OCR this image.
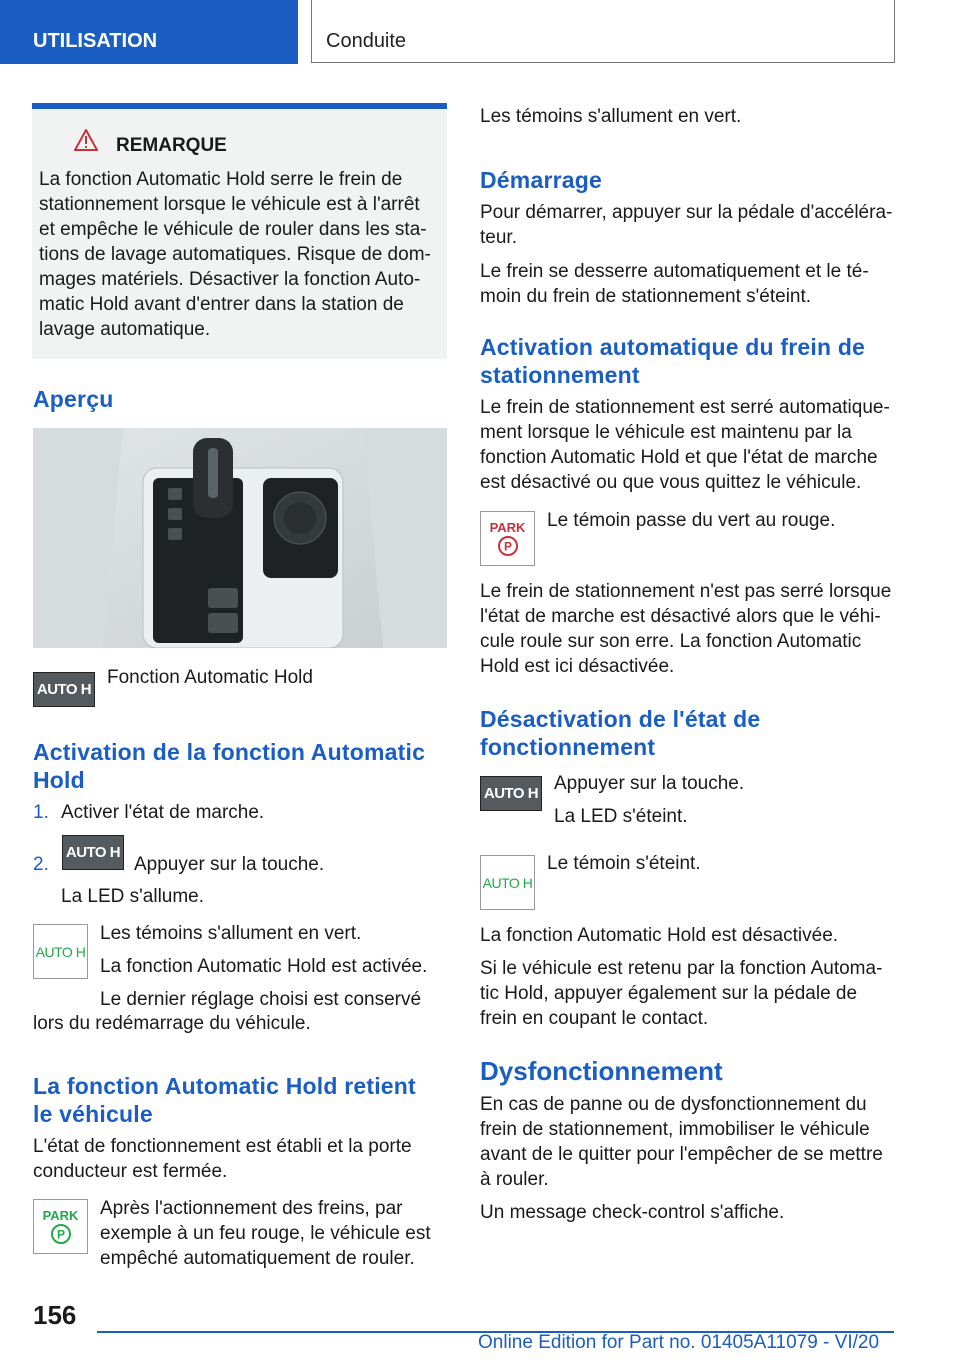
UTILISATION	Conduite
REMARQUE

La fonction Automatic Hold serre le frein de

stationnement lorsque le véhicule est à l'arrêt

et empêche le véhicule de rouler dans les sta-

tions de lavage automatiques. Risque de dom-

mages matériels. Désactiver la fonction Auto-

matic Hold avant d'entrer dans la station de

lavage automatique.

Aperçu
AUTO H
Fonction Automatic Hold

Activation de la fonction Automatic

Hold

1. Activer l'état de marche.
2.
AUTO H
Appuyer sur la touche.
La LED s'allume.
AUTO H
Les témoins s'allument en vert.
La fonction Automatic Hold est activée.
Le dernier réglage choisi est conservé
lors du redémarrage du véhicule.

La fonction Automatic Hold retient

le véhicule

L'état de fonctionnement est établi et la porte

conducteur est fermée.

PARK
P

Après l'actionnement des freins, par

exemple à un feu rouge, le véhicule est

empêché automatiquement de rouler.

Les témoins s'allument en vert.
Démarrage

Pour démarrer, appuyer sur la pédale d'accéléra-

teur.

Le frein se desserre automatiquement et le té-

moin du frein de stationnement s'éteint.

Activation automatique du frein de

stationnement

Le frein de stationnement est serré automatique-

ment lorsque le véhicule est maintenu par la

fonction Automatic Hold et que l'état de marche

est désactivé ou que vous quittez le véhicule.

PARK
P
Le témoin passe du vert au rouge.

Le frein de stationnement n'est pas serré lorsque

l'état de marche est désactivé alors que le véhi-

cule roule sur son erre. La fonction Automatic

Hold est ici désactivée.

Désactivation de l'état de

fonctionnement

AUTO H Appuyer sur la touche.
La LED s'éteint.
AUTO H
Le témoin s'éteint.
La fonction Automatic Hold est désactivée.

Si le véhicule est retenu par la fonction Automa-

tic Hold, appuyer également sur la pédale de

frein en coupant le contact.

Dysfonctionnement

En cas de panne ou de dysfonctionnement du

frein de stationnement, immobiliser le véhicule

avant de le quitter pour l'empêcher de se mettre

à rouler.

Un message check-control s'affiche.
156
Online Edition for Part no. 01405A11079 - VI/20
